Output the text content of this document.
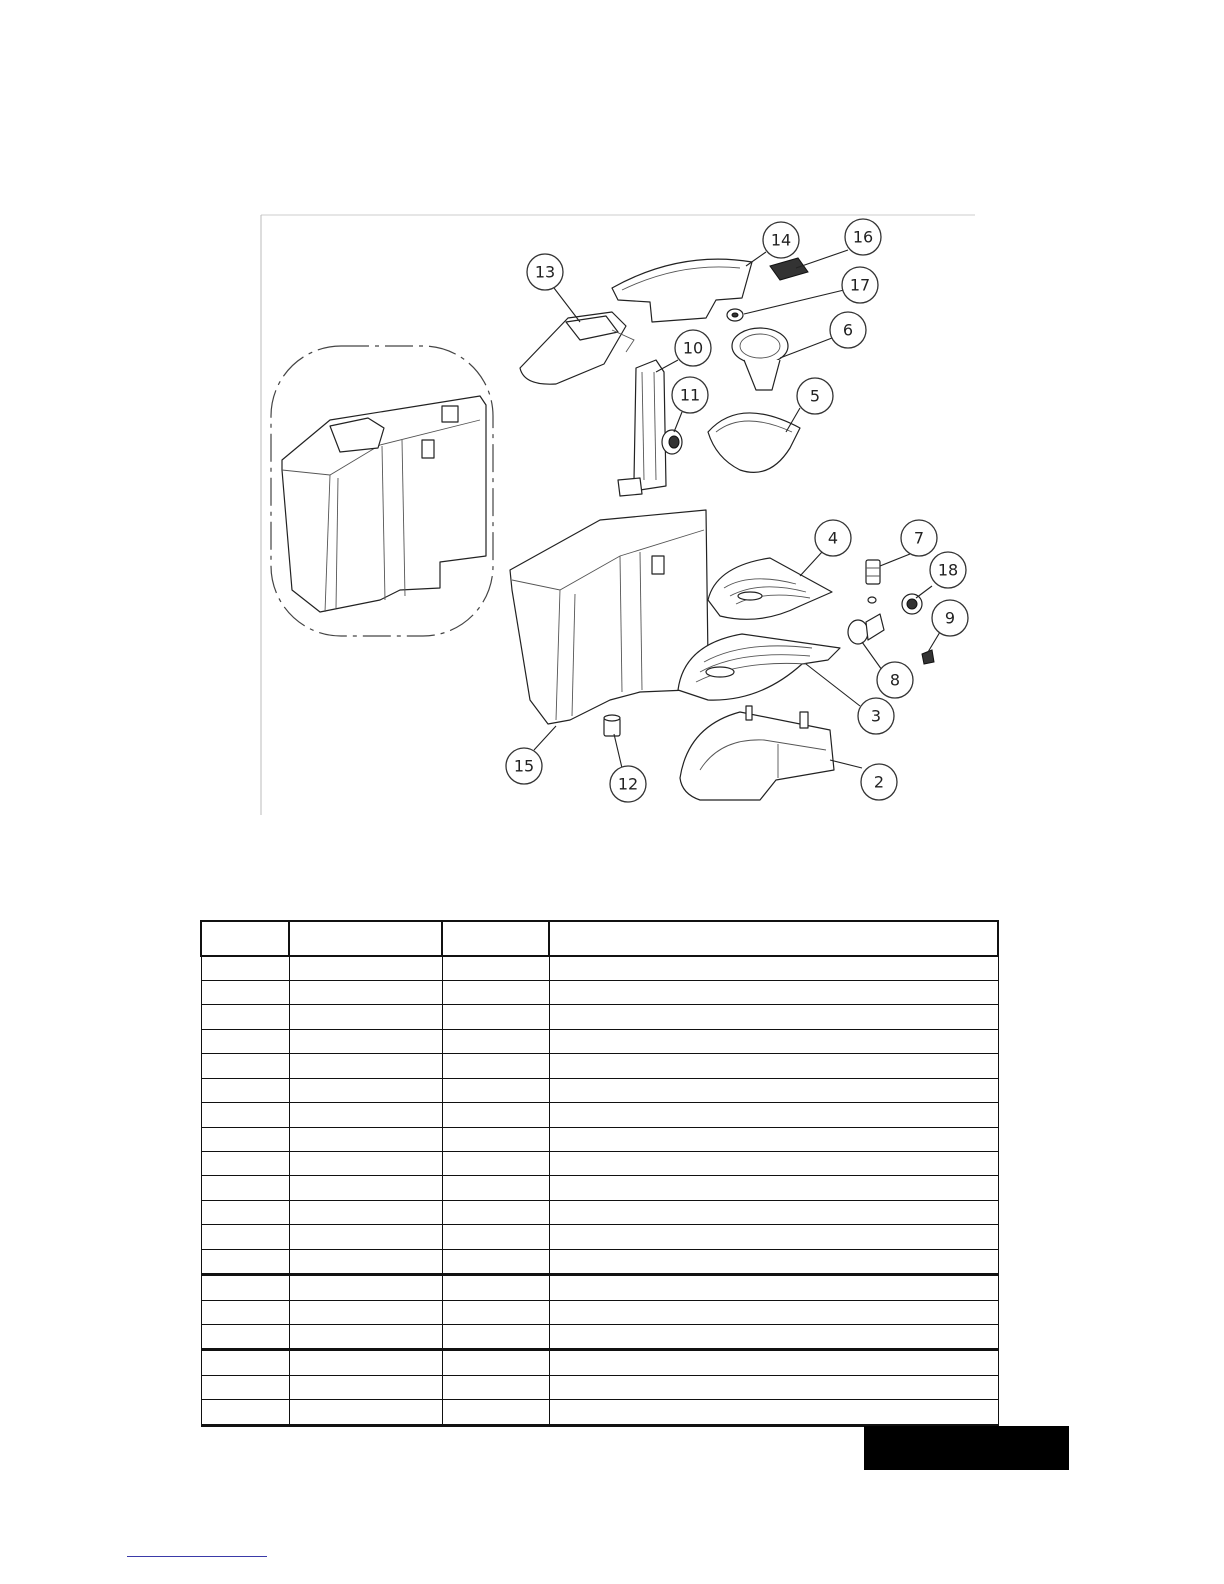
2
3
4
5
6
7
8
9
10
11
12
13
14
15
16
17
18
